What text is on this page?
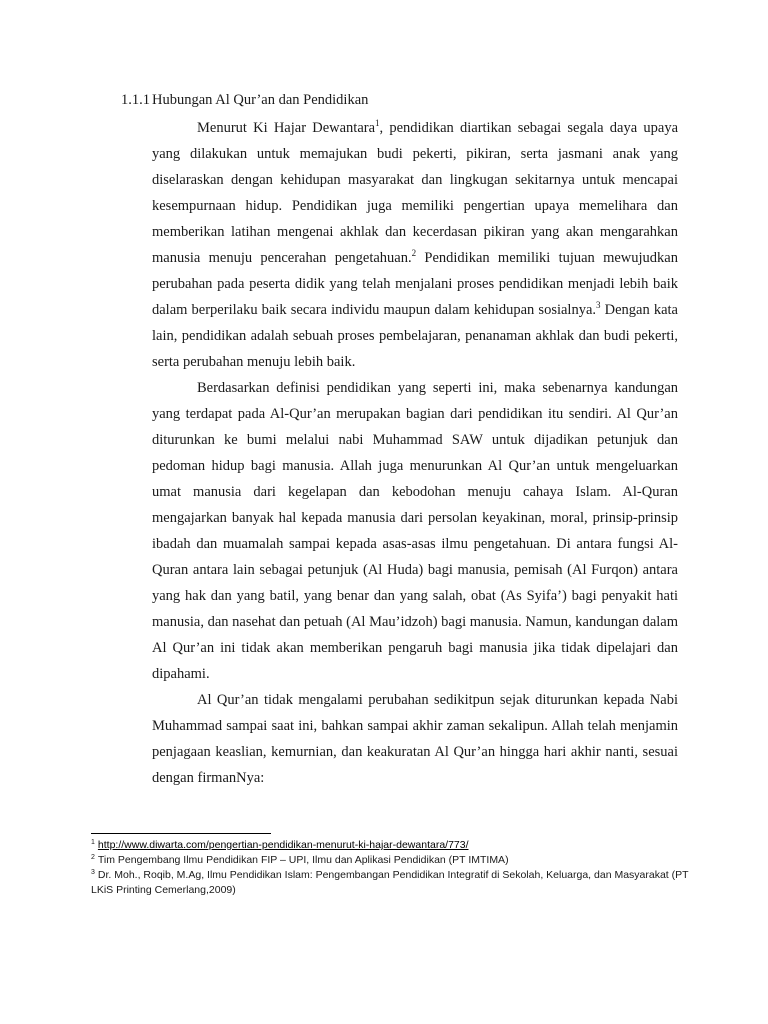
1.1.1 Hubungan Al Qur’an dan Pendidikan

Menurut Ki Hajar Dewantara$^1$, pendidikan diartikan sebagai segala daya upaya yang dilakukan untuk memajukan budi pekerti, pikiran, serta jasmani anak yang diselaraskan dengan kehidupan masyarakat dan lingkugan sekitarnya untuk mencapai kesempurnaan hidup. Pendidikan juga memiliki pengertian upaya memelihara dan memberikan latihan mengenai akhlak dan kecerdasan pikiran yang akan mengarahkan manusia menuju pencerahan pengetahuan.$^2$ Pendidikan memiliki tujuan mewujudkan perubahan pada peserta didik yang telah menjalani proses pendidikan menjadi lebih baik dalam berperilaku baik secara individu maupun dalam kehidupan sosialnya.$^3$ Dengan kata lain, pendidikan adalah sebuah proses pembelajaran, penanaman akhlak dan budi pekerti, serta perubahan menuju lebih baik.

Berdasarkan definisi pendidikan yang seperti ini, maka sebenarnya kandungan yang terdapat pada Al-Qur’an merupakan bagian dari pendidikan itu sendiri. Al Qur’an diturunkan ke bumi melalui nabi Muhammad SAW untuk dijadikan petunjuk dan pedoman hidup bagi manusia. Allah juga menurunkan Al Qur’an untuk mengeluarkan umat manusia dari kegelapan dan kebodohan menuju cahaya Islam. Al-Quran mengajarkan banyak hal kepada manusia dari persolan keyakinan, moral, prinsip-prinsip ibadah dan muamalah sampai kepada asas-asas ilmu pengetahuan. Di antara fungsi Al-Quran antara lain sebagai petunjuk (Al Huda) bagi manusia, pemisah (Al Furqon) antara yang hak dan yang batil, yang benar dan yang salah, obat (As Syifa’) bagi penyakit hati manusia, dan nasehat dan petuah (Al Mau’idzoh) bagi manusia. Namun, kandungan dalam Al Qur’an ini tidak akan memberikan pengaruh bagi manusia jika tidak dipelajari dan dipahami.

Al Qur’an tidak mengalami perubahan sedikitpun sejak diturunkan kepada Nabi Muhammad sampai saat ini, bahkan sampai akhir zaman sekalipun. Allah telah menjamin penjagaan keaslian, kemurnian, dan keakuratan Al Qur’an hingga hari akhir nanti, sesuai dengan firmanNya:

$^1$ http://www.diwarta.com/pengertian-pendidikan-menurut-ki-hajar-dewantara/773/

$^2$ Tim Pengembang Ilmu Pendidikan FIP – UPI, Ilmu dan Aplikasi Pendidikan (PT IMTIMA)

$^3$ Dr. Moh., Roqib, M.Ag, Ilmu Pendidikan Islam: Pengembangan Pendidikan Integratif di Sekolah, Keluarga, dan Masyarakat (PT LKiS Printing Cemerlang,2009)
